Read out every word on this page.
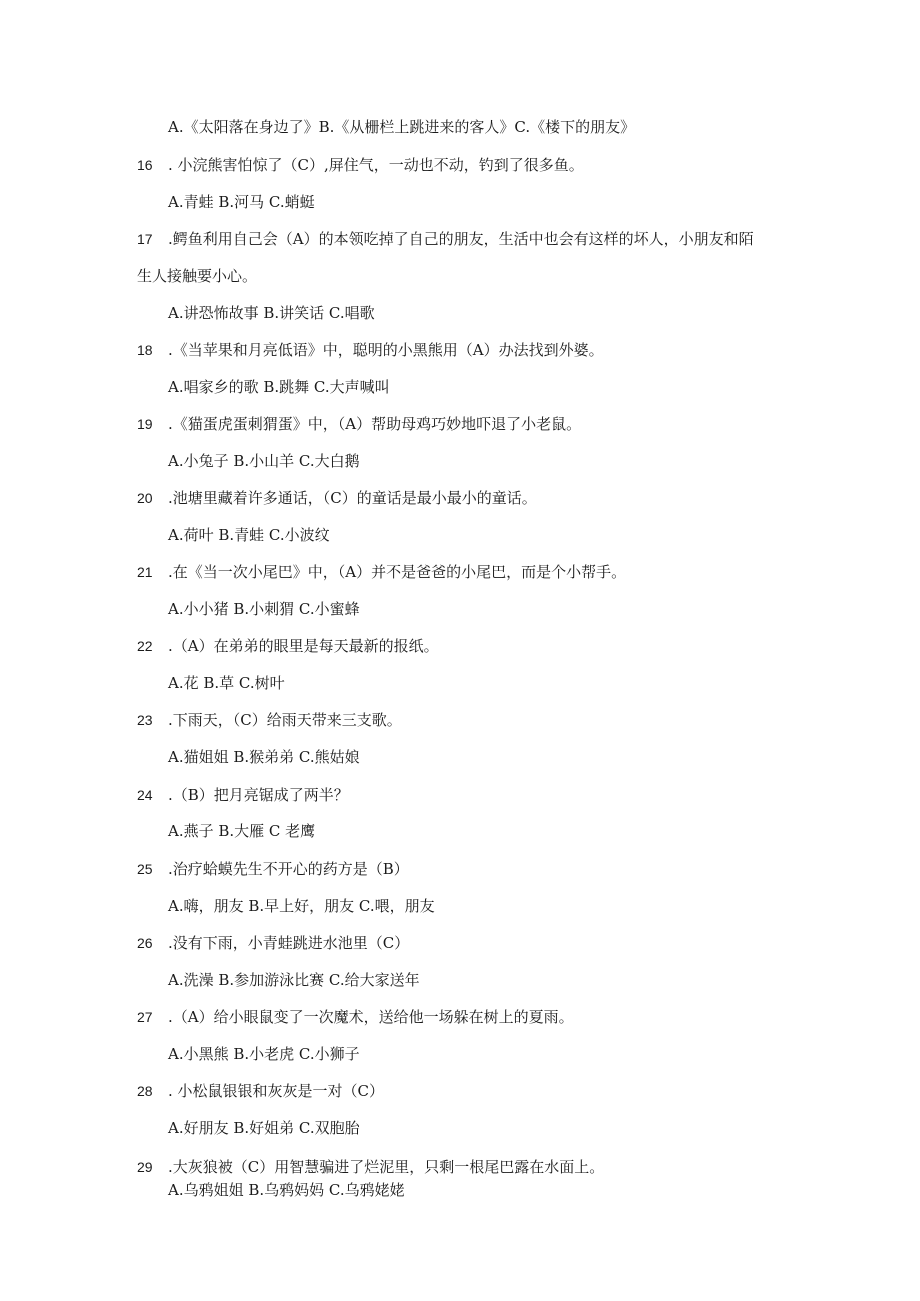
A.《太阳落在身边了》B.《从栅栏上跳进来的客人》C.《楼下的朋友》
16 . 小浣熊害怕惊了（C）,屏住气，一动也不动，钓到了很多鱼。
A.青蛙 B.河马 C.蛸蜓
17 .鳄鱼利用自己会（A）的本领吃掉了自己的朋友，生活中也会有这样的坏人，小朋友和陌
生人接触要小心。
A.讲恐怖故事 B.讲笑话 C.唱歌
18 .《当苹果和月亮低语》中，聪明的小黑熊用（A）办法找到外婆。
A.唱家乡的歌 B.跳舞 C.大声喊叫
19 .《猫蛋虎蛋刺猬蛋》中，（A）帮助母鸡巧妙地吓退了小老鼠。
A.小兔子 B.小山羊 C.大白鹅
20 .池塘里藏着许多通话，（C）的童话是最小最小的童话。
A.荷叶 B.青蛙 C.小波纹
21 .在《当一次小尾巴》中，（A）并不是爸爸的小尾巴，而是个小帮手。
A.小小猪 B.小刺猬 C.小蜜蜂
22 .（A）在弟弟的眼里是每天最新的报纸。
A.花 B.草 C.树叶
23 .下雨天，（C）给雨天带来三支歌。
A.猫姐姐 B.猴弟弟 C.熊姑娘
24 .（B）把月亮锯成了两半？
A.燕子 B.大雁 C 老鹰
25 .治疗蛤蟆先生不开心的药方是（B）
A.嗨，朋友 B.早上好，朋友 C.喂，朋友
26 .没有下雨，小青蛙跳进水池里（C）
A.洗澡 B.参加游泳比赛 C.给大家送年
27 .（A）给小眼鼠变了一次魔术，送给他一场躲在树上的夏雨。
A.小黑熊 B.小老虎 C.小狮子
28 . 小松鼠银银和灰灰是一对（C）
A.好朋友 B.好姐弟 C.双胞胎
29 .大灰狼被（C）用智慧骗进了烂泥里，只剩一根尾巴露在水面上。
A.乌鸦姐姐 B.乌鸦妈妈 C.乌鸦姥姥
